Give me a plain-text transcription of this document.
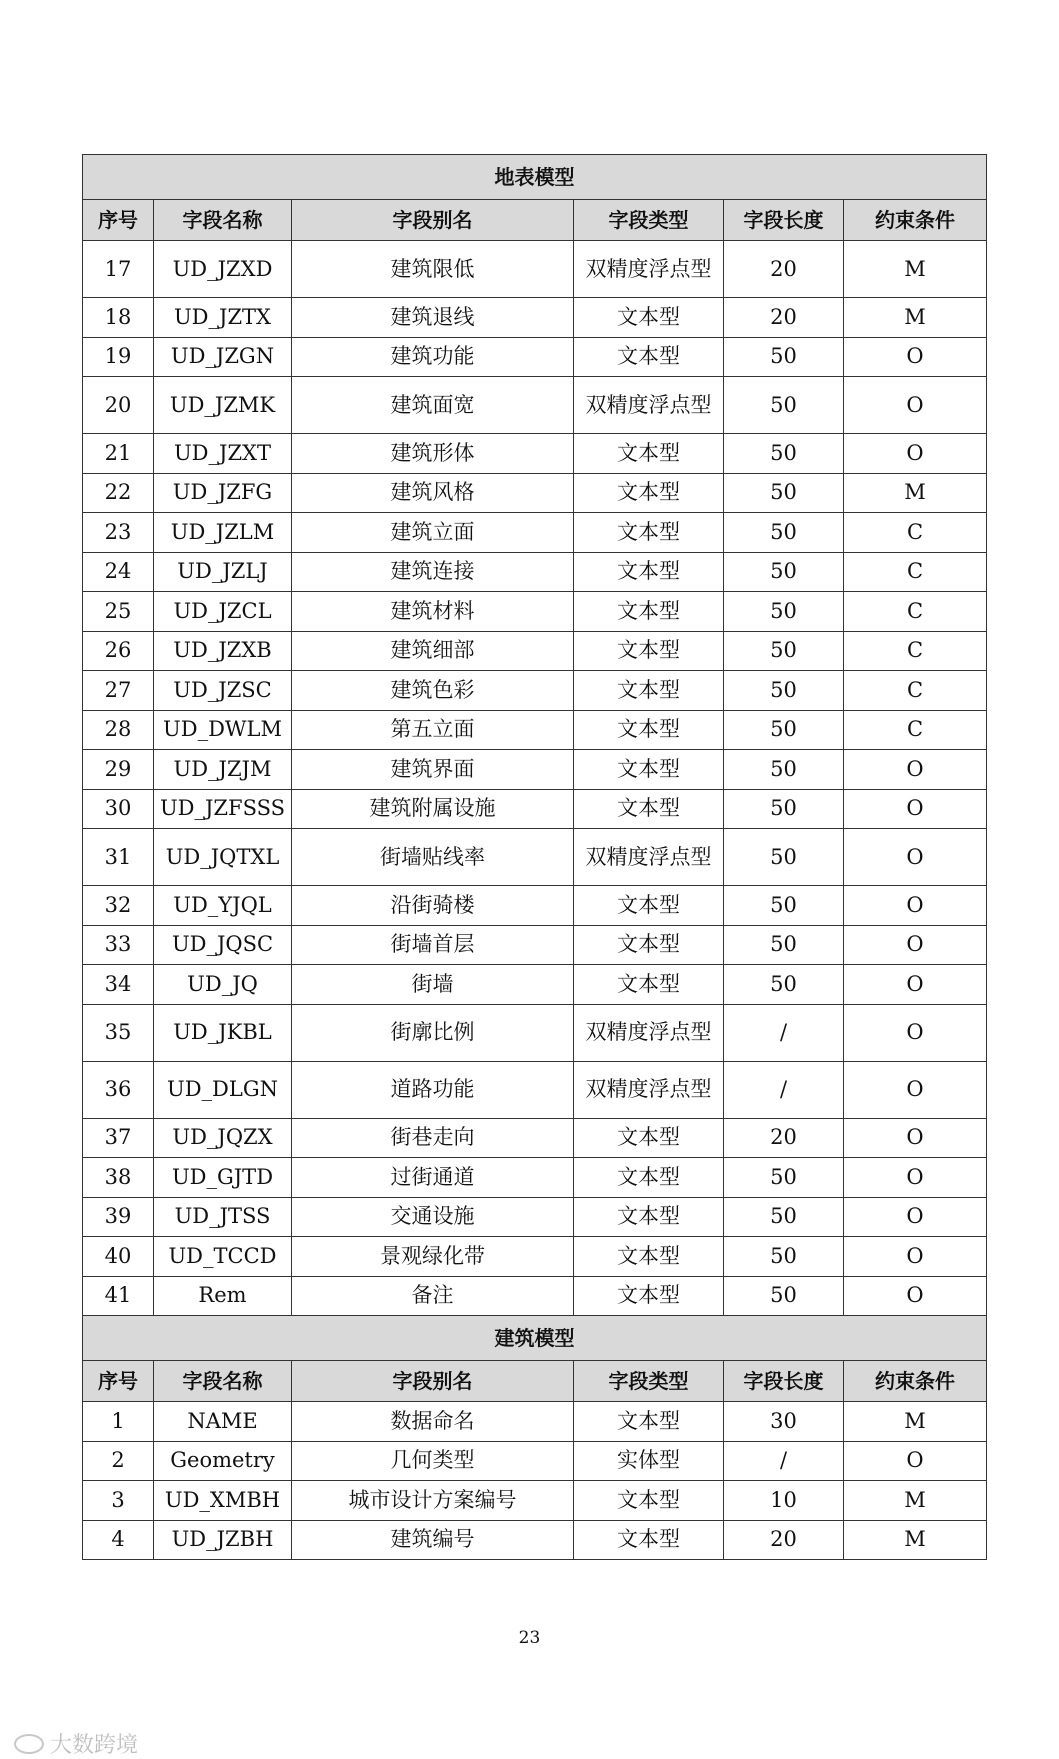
地表模型					
序号	字段名称	字段别名	字段类型	字段长度	约束条件
17	UD_JZXD	建筑限低	双精度浮点型	20	M
18	UD_JZTX	建筑退线	文本型	20	M
19	UD_JZGN	建筑功能	文本型	50	O
20	UD_JZMK	建筑面宽	双精度浮点型	50	O
21	UD_JZXT	建筑形体	文本型	50	O
22	UD_JZFG	建筑风格	文本型	50	M
23	UD_JZLM	建筑立面	文本型	50	C
24	UD_JZLJ	建筑连接	文本型	50	C
25	UD_JZCL	建筑材料	文本型	50	C
26	UD_JZXB	建筑细部	文本型	50	C
27	UD_JZSC	建筑色彩	文本型	50	C
28	UD_DWLM	第五立面	文本型	50	C
29	UD_JZJM	建筑界面	文本型	50	O
30	UD_JZFSSS	建筑附属设施	文本型	50	O
31	UD_JQTXL	街墙贴线率	双精度浮点型	50	O
32	UD_YJQL	沿街骑楼	文本型	50	O
33	UD_JQSC	街墙首层	文本型	50	O
34	UD_JQ	街墙	文本型	50	O
35	UD_JKBL	街廓比例	双精度浮点型	/	O
36	UD_DLGN	道路功能	双精度浮点型	/	O
37	UD_JQZX	街巷走向	文本型	20	O
38	UD_GJTD	过街通道	文本型	50	O
39	UD_JTSS	交通设施	文本型	50	O
40	UD_TCCD	景观绿化带	文本型	50	O
41	Rem	备注	文本型	50	O
建筑模型					
序号	字段名称	字段别名	字段类型	字段长度	约束条件
1	NAME	数据命名	文本型	30	M
2	Geometry	几何类型	实体型	/	O
3	UD_XMBH	城市设计方案编号	文本型	10	M
4	UD_JZBH	建筑编号	文本型	20	M
23
大数跨境
